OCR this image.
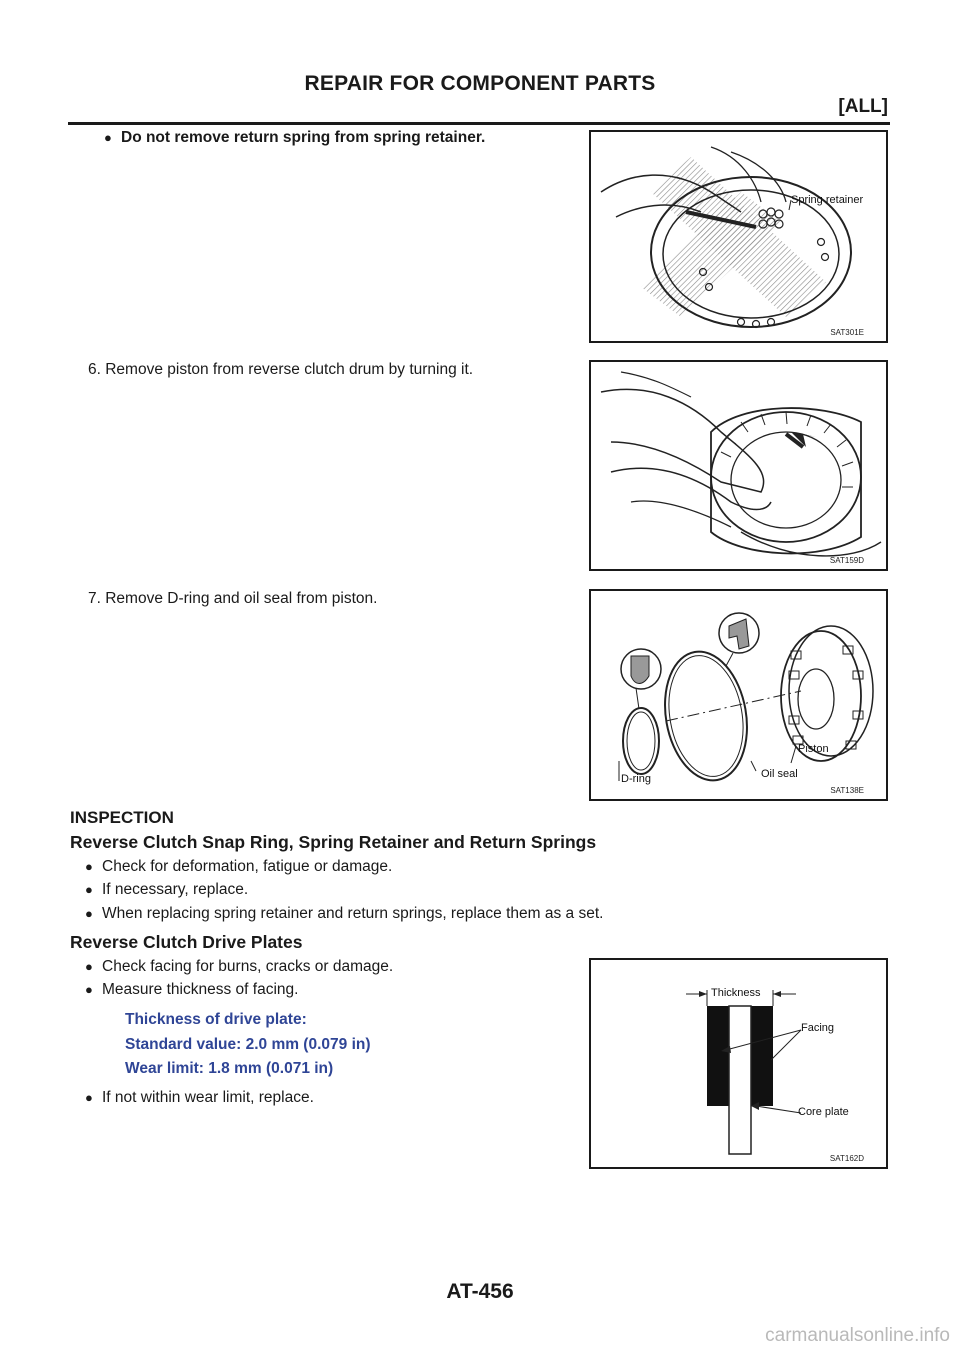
REPAIR FOR COMPONENT PARTS
[ALL]
● Do not remove return spring from spring retainer.
Spring retainer
SAT301E
6. Remove piston from reverse clutch drum by turning it.
SAT159D
7. Remove D-ring and oil seal from piston.
Piston
D-ring	Oil seal
SAT138E
INSPECTION
Reverse Clutch Snap Ring, Spring Retainer and Return Springs
● Check for deformation, fatigue or damage.
● If necessary, replace.
● When replacing spring retainer and return springs, replace them as a set.
Reverse Clutch Drive Plates
● Check facing for burns, cracks or damage.
● Measure thickness of facing.
Thickness of drive plate:
Standard value: 2.0 mm (0.079 in)
Wear limit: 1.8 mm (0.071 in)
● If not within wear limit, replace.
Thickness
Facing
Core plate
SAT162D
AT-456
carmanualsonline.info
